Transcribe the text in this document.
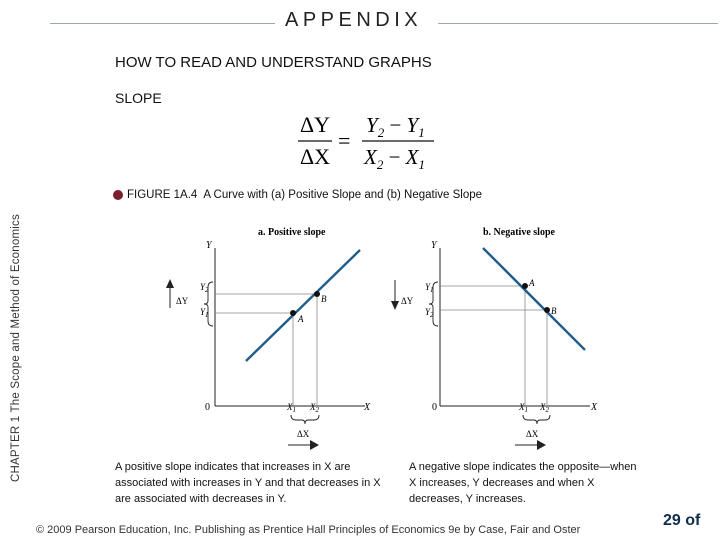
APPENDIX
HOW TO READ AND UNDERSTAND GRAPHS
SLOPE
ΔY
ΔX
=
$Y_2 - Y_1$
$X_2 - X_1$
CHAPTER 1 The Scope and Method of Economics
FIGURE 1A.4 A Curve with (a) Positive Slope and (b) Negative Slope
a. Positive slope
Y
X
0
A
B
$Y_2$
$Y_1$
ΔY
$X_1$ $X_2$
ΔX
b. Negative slope
Y
X
0
A
B
$Y_1$
$Y_2$
ΔY
$X_1$ $X_2$
ΔX
A positive slope indicates that increases in X are associated with increases in Y and that decreases in X are associated with decreases in Y.
A negative slope indicates the opposite—when X increases, Y decreases and when X decreases, Y increases.
© 2009 Pearson Education, Inc. Publishing as Prentice Hall Principles of Economics 9e by Case, Fair and Oster
29 of
